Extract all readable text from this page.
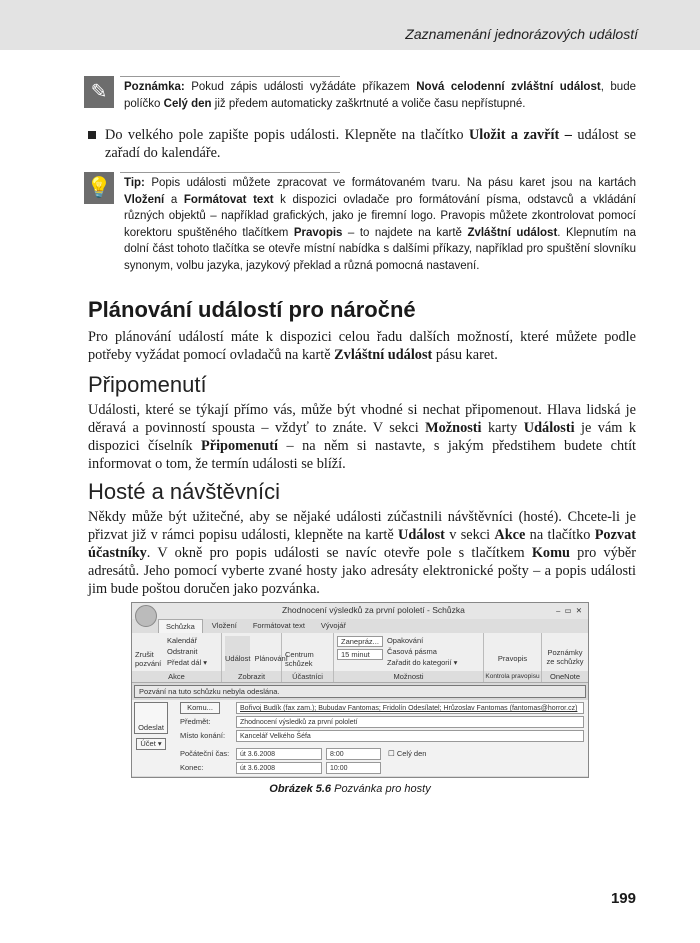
Zaznamenání jednorázových událostí
✎	Poznámka: Pokud zápis události vyžádáte příkazem Nová celodenní zvláštní událost, bude políčko Celý den již předem automaticky zaškrtnuté a voliče času nepřístupné.

Do velkého pole zapište popis události. Klepněte na tlačítko Uložit a zavřít – událost se zařadí do kalendáře.

💡 Tip: Popis události můžete zpracovat ve formátovaném tvaru. Na pásu karet jsou na kartách Vložení a Formátovat text k dispozici ovladače pro formátování písma, odstavců a vkládání různých objektů – například grafických, jako je firemní logo. Pravopis můžete zkontrolovat pomocí korektoru spuštěného tlačítkem Pravopis – to najdete na kartě Zvláštní událost. Klepnutím na dolní část tohoto tlačítka se otevře místní nabídka s dalšími příkazy, například pro spuštění slovníku synonym, volbu jazyka, jazykový překlad a různá pomocná nastavení.

Plánování událostí pro náročné

Pro plánování událostí máte k dispozici celou řadu dalších možností, které můžete podle potřeby vyžádat pomocí ovladačů na kartě Zvláštní událost pásu karet.

Připomenutí

Události, které se týkají přímo vás, může být vhodné si nechat připomenout. Hlava lidská je děravá a povinností spousta – vždyť to znáte. V sekci Možnosti karty Události je vám k dispozici číselník Připomenutí – na něm si nastavte, s jakým předstihem budete chtít informovat o tom, že termín události se blíží.

Hosté a návštěvníci

Někdy může být užitečné, aby se nějaké události zúčastnili návštěvníci (hosté). Chcete-li je přizvat již v rámci popisu události, klepněte na kartě Událost v sekci Akce na tlačítko Pozvat účastníky. V okně pro popis události se navíc otevře pole s tlačítkem Komu pro výběr adresátů. Jeho pomocí vyberte zvané hosty jako adresáty elektronické pošty – a popis události jim bude poštou doručen jako pozvánka.

Zhodnocení výsledků za první pololetí - Schůzka	–  ▭  ✕
Schůzka	Vložení	Formátovat text	Vývojář
Zrušit pozvání
Kalendář
Odstranit
Předat dál ▾
Akce
Událost Plánování
Zobrazit
Centrum schůzek
Účastníci
Zanepráz...
15 minut
Opakování
Časová pásma
Zařadit do kategorií ▾
Možnosti
Pravopis
Kontrola pravopisu
Poznámky ze schůzky
OneNote
Pozvání na tuto schůzku nebyla odeslána.
Odeslat
Účet ▾
Komu...	Bořivoj Budík (fax zam.); Bubudav Fantomas; Fridolín Odesílatel; Hrůzoslav Fantomas (fantomas@horror.cz)
Předmět:	Zhodnocení výsledků za první pololetí
Místo konání:	Kancelář Velkého Šéfa
Počáteční čas:	út 3.6.2008	8:00	☐ Celý den
Konec:	út 3.6.2008	10:00
Obrázek 5.6 Pozvánka pro hosty
199
